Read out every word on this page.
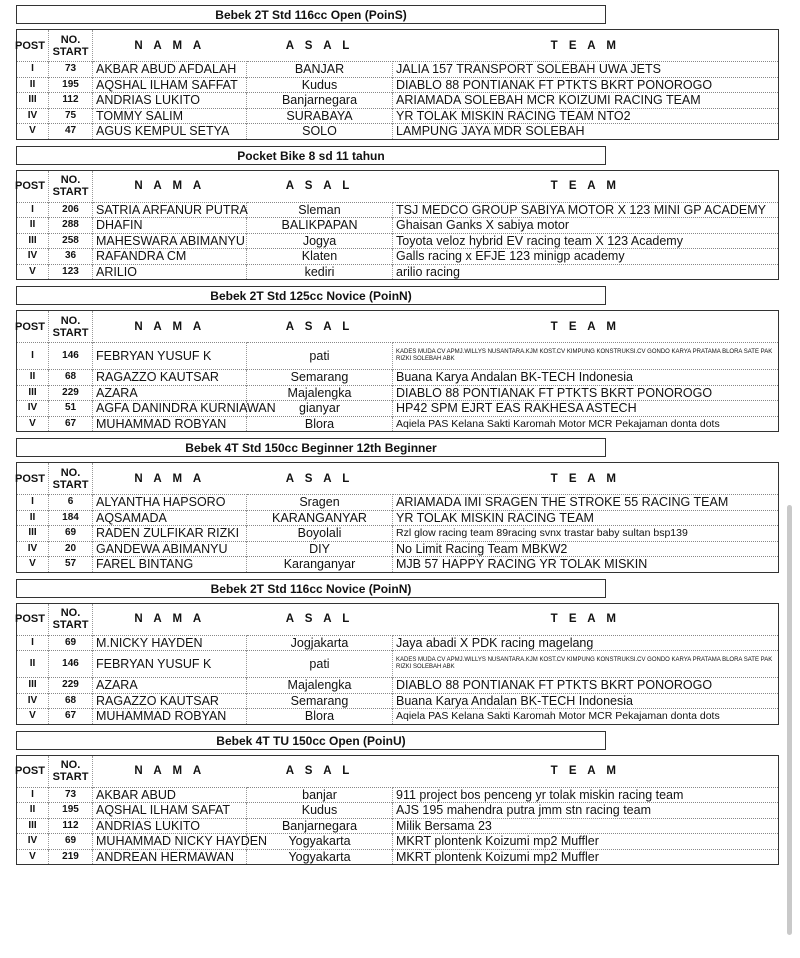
Bebek 2T Std 116cc Open (PoinS)
POST	NO. START	N A M A	A S A L	T E A M
I	73	AKBAR ABUD AFDALAH	BANJAR	JALIA 157 TRANSPORT SOLEBAH UWA JETS
II	195	AQSHAL ILHAM SAFFAT	Kudus	DIABLO 88 PONTIANAK FT PTKTS BKRT PONOROGO
III	112	ANDRIAS LUKITO	Banjarnegara	ARIAMADA SOLEBAH MCR KOIZUMI RACING TEAM
IV	75	TOMMY SALIM	SURABAYA	YR TOLAK MISKIN RACING TEAM NTO2
V	47	AGUS KEMPUL SETYA	SOLO	LAMPUNG JAYA MDR SOLEBAH
Pocket Bike 8 sd 11 tahun
POST	NO. START	N A M A	A S A L	T E A M
I	206	SATRIA ARFANUR PUTRA	Sleman	TSJ MEDCO GROUP SABIYA MOTOR X 123 MINI GP ACADEMY
II	288	DHAFIN	BALIKPAPAN	Ghaisan Ganks X sabiya motor
III	258	MAHESWARA ABIMANYU	Jogya	Toyota veloz hybrid EV racing team X 123 Academy
IV	36	RAFANDRA CM	Klaten	Galls racing x EFJE 123 minigp academy
V	123	ARILIO	kediri	arilio racing
Bebek 2T Std 125cc Novice (PoinN)
POST	NO. START	N A M A	A S A L	T E A M
I	146	FEBRYAN YUSUF K	pati	KADES MUDA CV APMJ.WILLYS NUSANTARA.KJM KOST.CV KIMPUNG KONSTRUKSI.CV GONDO KARYA PRATAMA BLORA SATE PAK RIZKI SOLEBAH ABK
II	68	RAGAZZO KAUTSAR	Semarang	Buana Karya Andalan BK-TECH Indonesia
III	229	AZARA	Majalengka	DIABLO 88 PONTIANAK FT PTKTS BKRT PONOROGO
IV	51	AGFA DANINDRA KURNIAWAN	gianyar	HP42 SPM EJRT EAS RAKHESA ASTECH
V	67	MUHAMMAD ROBYAN	Blora	Aqiela PAS Kelana Sakti Karomah Motor MCR Pekajaman donta dots
Bebek 4T Std 150cc Beginner 12th Beginner
POST	NO. START	N A M A	A S A L	T E A M
I	6	ALYANTHA HAPSORO	Sragen	ARIAMADA IMI SRAGEN THE STROKE 55 RACING TEAM
II	184	AQSAMADA	KARANGANYAR	YR TOLAK MISKIN RACING TEAM
III	69	RADEN ZULFIKAR RIZKI	Boyolali	Rzl glow racing team 89racing svnx trastar baby sultan bsp139
IV	20	GANDEWA ABIMANYU	DIY	No Limit Racing Team MBKW2
V	57	FAREL BINTANG	Karanganyar	MJB 57 HAPPY RACING YR TOLAK MISKIN
Bebek 2T Std 116cc Novice (PoinN)
POST	NO. START	N A M A	A S A L	T E A M
I	69	M.NICKY HAYDEN	Jogjakarta	Jaya abadi X PDK racing magelang
II	146	FEBRYAN YUSUF K	pati	KADES MUDA CV APMJ.WILLYS NUSANTARA.KJM KOST.CV KIMPUNG KONSTRUKSI.CV GONDO KARYA PRATAMA BLORA SATE PAK RIZKI SOLEBAH ABK
III	229	AZARA	Majalengka	DIABLO 88 PONTIANAK FT PTKTS BKRT PONOROGO
IV	68	RAGAZZO KAUTSAR	Semarang	Buana Karya Andalan BK-TECH Indonesia
V	67	MUHAMMAD ROBYAN	Blora	Aqiela PAS Kelana Sakti Karomah Motor MCR Pekajaman donta dots
Bebek 4T TU 150cc Open (PoinU)
POST	NO. START	N A M A	A S A L	T E A M
I	73	AKBAR ABUD	banjar	911 project bos penceng yr tolak miskin racing team
II	195	AQSHAL ILHAM SAFAT	Kudus	AJS 195 mahendra putra jmm stn racing team
III	112	ANDRIAS LUKITO	Banjarnegara	Milik Bersama 23
IV	69	MUHAMMAD NICKY HAYDEN	Yogyakarta	MKRT plontenk Koizumi mp2 Muffler
V	219	ANDREAN HERMAWAN	Yogyakarta	MKRT plontenk Koizumi mp2 Muffler
